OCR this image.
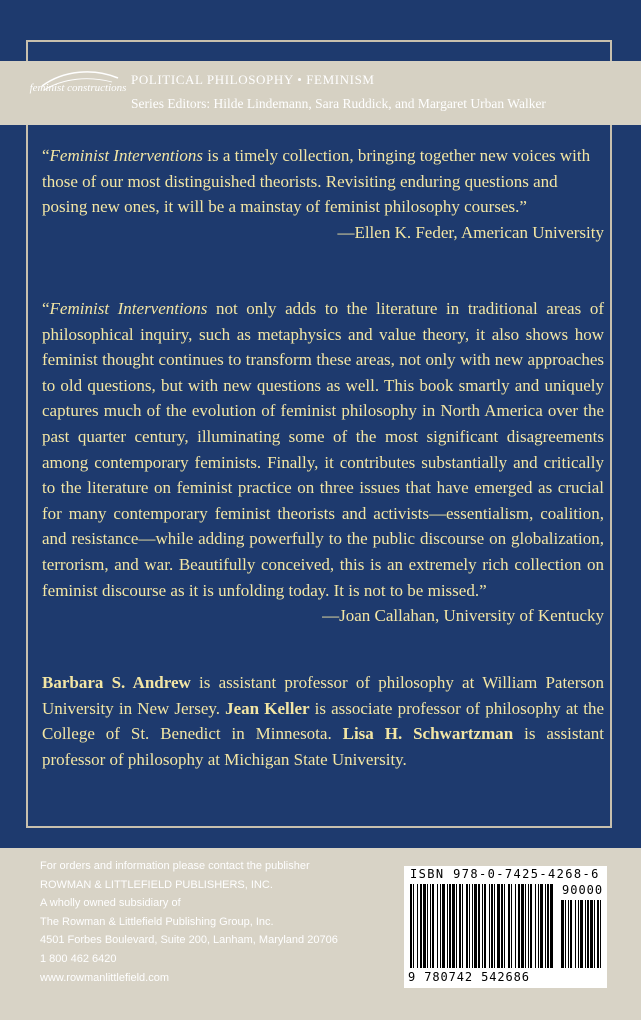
feminist constructions
POLITICAL PHILOSOPHY • FEMINISM
Series Editors: Hilde Lindemann, Sara Ruddick, and Margaret Urban Walker
“Feminist Interventions is a timely collection, bringing together new voices with those of our most distinguished theorists. Revisiting enduring questions and posing new ones, it will be a mainstay of feminist philosophy courses.”
—Ellen K. Feder, American University
“Feminist Interventions not only adds to the literature in traditional areas of philosophical inquiry, such as metaphysics and value theory, it also shows how feminist thought continues to transform these areas, not only with new approaches to old questions, but with new questions as well. This book smartly and uniquely captures much of the evolution of feminist philosophy in North America over the past quarter century, illuminating some of the most significant disagreements among contemporary feminists. Finally, it contributes substantially and critically to the literature on feminist practice on three issues that have emerged as crucial for many contemporary feminist theorists and activists—essentialism, coalition, and resistance—while adding powerfully to the public discourse on globalization, terrorism, and war. Beautifully conceived, this is an extremely rich collection on feminist discourse as it is unfolding today. It is not to be missed.”
—Joan Callahan, University of Kentucky
Barbara S. Andrew is assistant professor of philosophy at William Paterson University in New Jersey. Jean Keller is associate professor of philosophy at the College of St. Benedict in Minnesota. Lisa H. Schwartzman is assistant professor of philosophy at Michigan State University.
For orders and information please contact the publisher
ROWMAN & LITTLEFIELD PUBLISHERS, INC.
A wholly owned subsidiary of
The Rowman & Littlefield Publishing Group, Inc.
4501 Forbes Boulevard, Suite 200, Lanham, Maryland 20706
1 800 462 6420
www.rowmanlittlefield.com
ISBN 978-0-7425-4268-6
90000
9 780742 542686
